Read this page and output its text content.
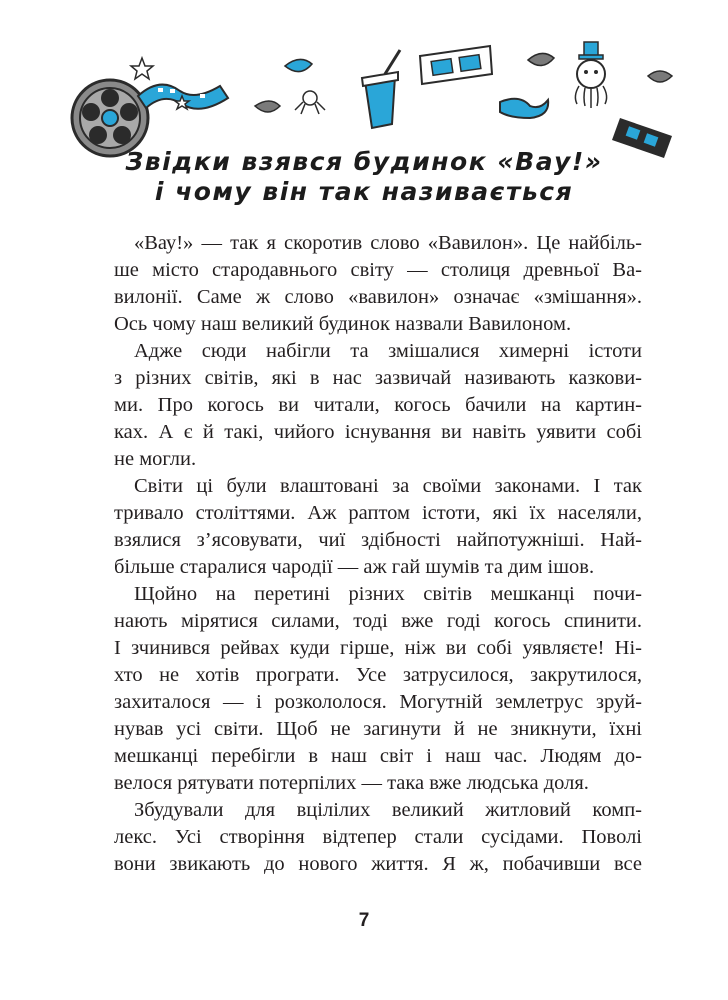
Звідки взявся будинок «Вау!»
і чому він так називається

«Вау!» — так я скоротив слово «Вавилон». Це найбіль-
ше місто стародавнього світу — столиця древньої Ва-
вилонії. Саме ж слово «вавилон» означає «змішання».
Ось чому наш великий будинок назвали Вавилоном.

Адже сюди набігли та змішалися химерні істоти
з різних світів, які в нас зазвичай називають казкови-
ми. Про когось ви читали, когось бачили на картин-
ках. А є й такі, чийого існування ви навіть уявити собі
не могли.

Світи ці були влаштовані за своїми законами. І так
тривало століттями. Аж раптом істоти, які їх населяли,
взялися з’ясовувати, чиї здібності найпотужніші. Най-
більше старалися чародії — аж гай шумів та дим ішов.

Щойно на перетині різних світів мешканці почи-
нають мірятися силами, тоді вже годі когось спинити.
І зчинився рейвах куди гірше, ніж ви собі уявляєте! Ні-
хто не хотів програти. Усе затрусилося, закрутилося,
захиталося — і розкололося. Могутній землетрус зруй-
нував усі світи. Щоб не загинути й не зникнути, їхні
мешканці перебігли в наш світ і наш час. Людям до-
велося рятувати потерпілих — така вже людська доля.

Збудували для вцілілих великий житловий комп-
лекс. Усі створіння відтепер стали сусідами. Поволі
вони звикають до нового життя. Я ж, побачивши все

7
